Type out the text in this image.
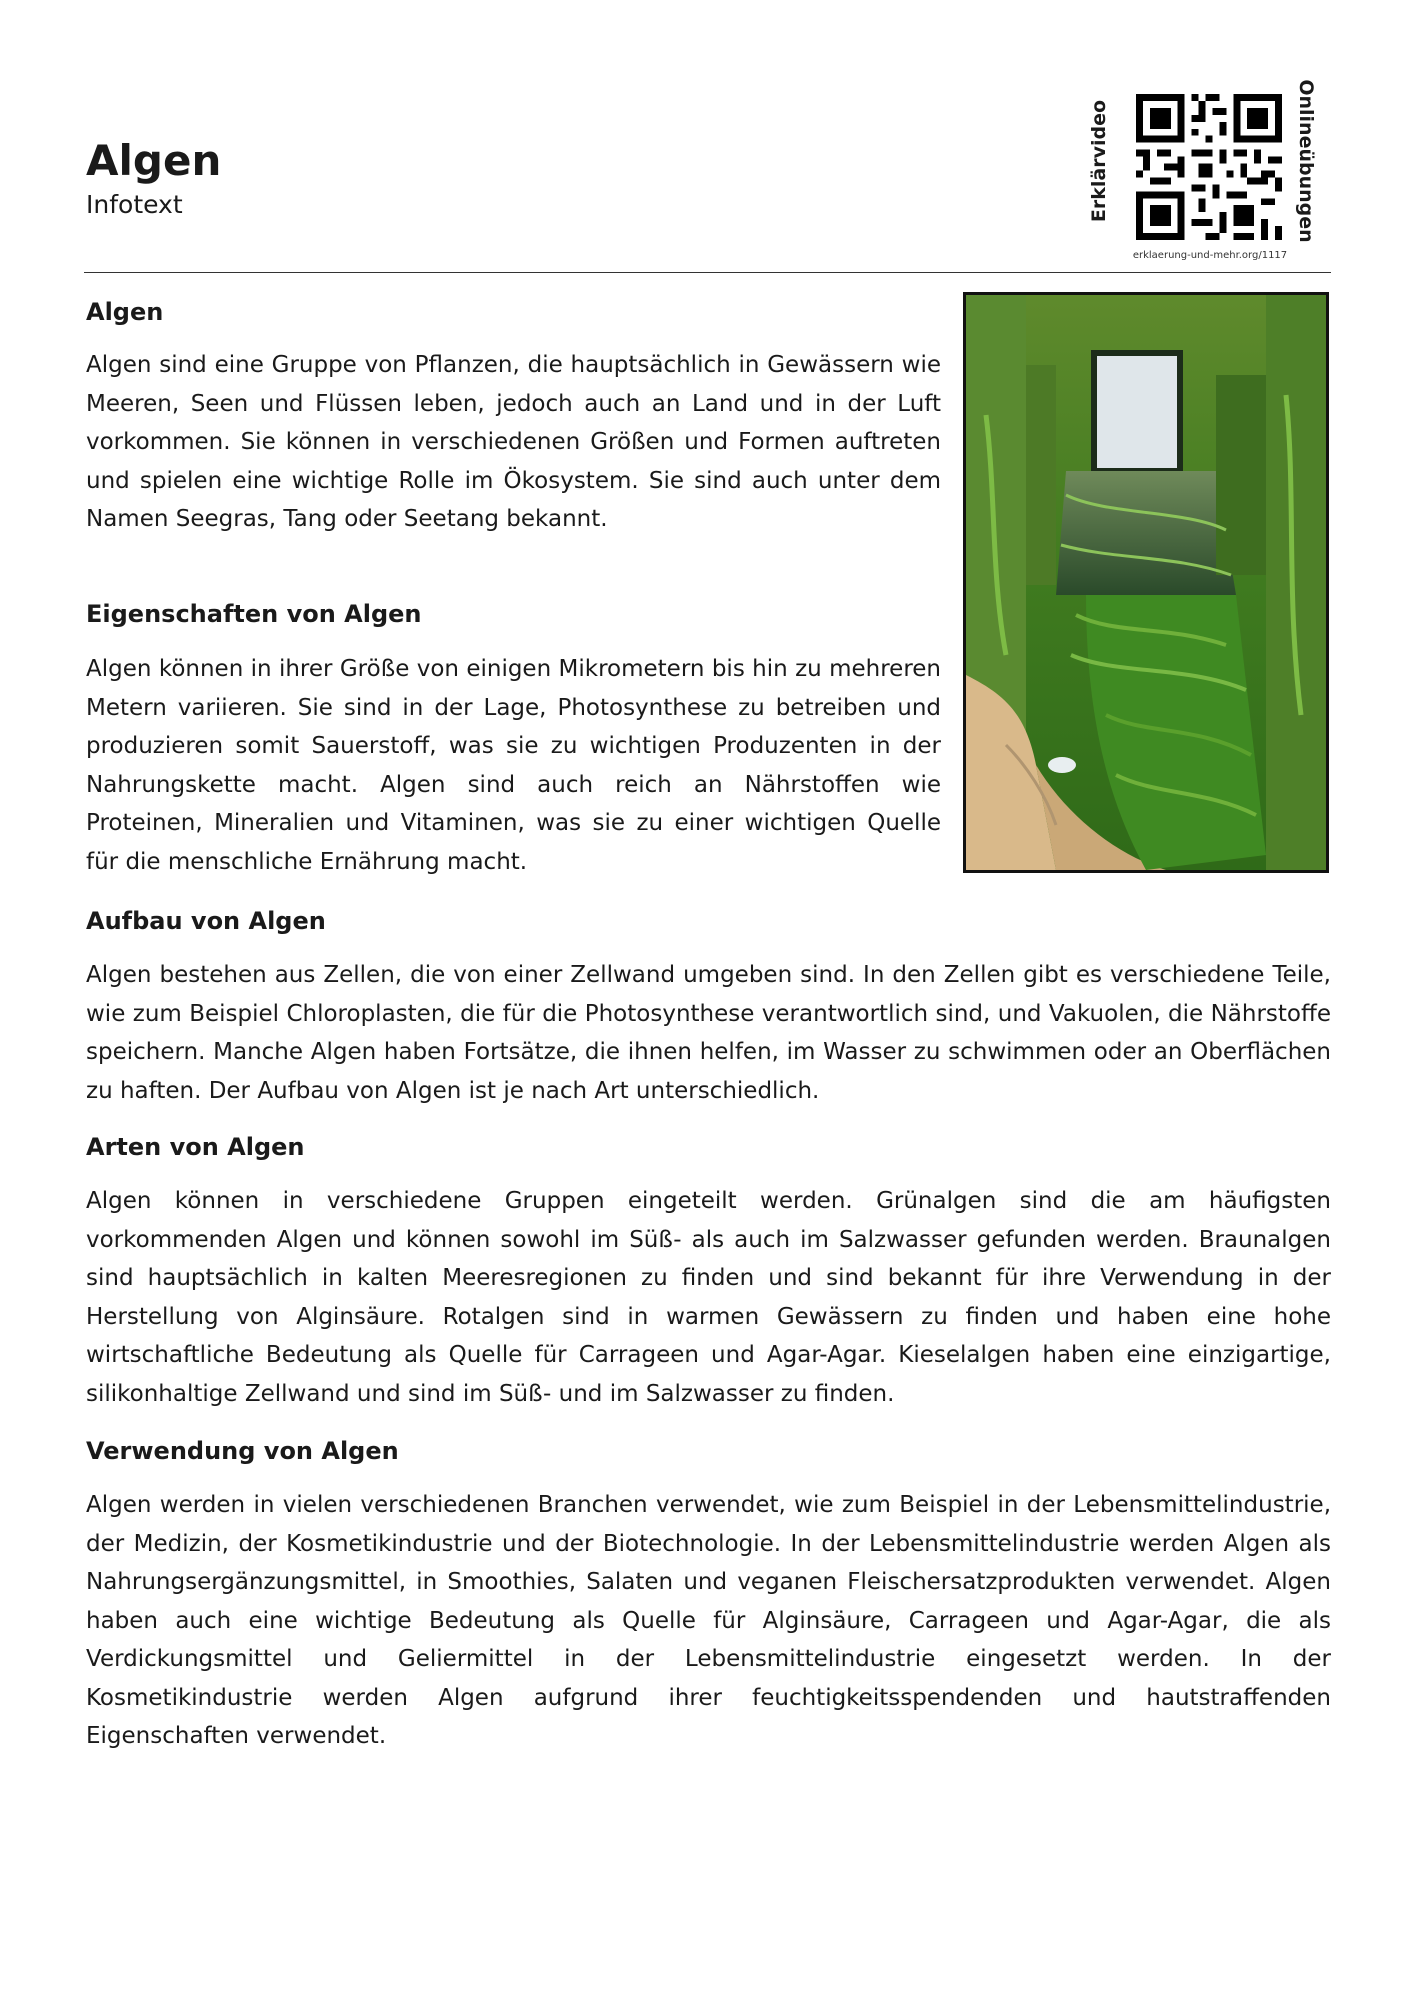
Algen
Infotext	Erklärvideo	Onlineübungen
erklaerung-und-mehr.org/1117
Algen

Algen sind eine Gruppe von Pflanzen, die hauptsächlich in Gewässern wie Meeren, Seen und Flüssen leben, jedoch auch an Land und in der Luft vorkommen. Sie können in verschiedenen Größen und Formen auftreten und spielen eine wichtige Rolle im Ökosystem. Sie sind auch unter dem Namen Seegras, Tang oder Seetang bekannt.

Eigenschaften von Algen

Algen können in ihrer Größe von einigen Mikrometern bis hin zu mehreren Metern variieren. Sie sind in der Lage, Photosynthese zu betreiben und produzieren somit Sauerstoff, was sie zu wichtigen Produzenten in der Nahrungskette macht. Algen sind auch reich an Nährstoffen wie Proteinen, Mineralien und Vitaminen, was sie zu einer wichtigen Quelle für die menschliche Ernährung macht.

Aufbau von Algen

Algen bestehen aus Zellen, die von einer Zellwand umgeben sind. In den Zellen gibt es verschiedene Teile, wie zum Beispiel Chloroplasten, die für die Photosynthese verantwortlich sind, und Vakuolen, die Nährstoffe speichern. Manche Algen haben Fortsätze, die ihnen helfen, im Wasser zu schwimmen oder an Oberflächen zu haften. Der Aufbau von Algen ist je nach Art unterschiedlich.

Arten von Algen

Algen können in verschiedene Gruppen eingeteilt werden. Grünalgen sind die am häufigsten vorkommenden Algen und können sowohl im Süß- als auch im Salzwasser gefunden werden. Braunalgen sind hauptsächlich in kalten Meeresregionen zu finden und sind bekannt für ihre Verwendung in der Herstellung von Alginsäure. Rotalgen sind in warmen Gewässern zu finden und haben eine hohe wirtschaftliche Bedeutung als Quelle für Carrageen und Agar-Agar. Kieselalgen haben eine einzigartige, silikonhaltige Zellwand und sind im Süß- und im Salzwasser zu finden.

Verwendung von Algen

Algen werden in vielen verschiedenen Branchen verwendet, wie zum Beispiel in der Lebensmittelindustrie, der Medizin, der Kosmetikindustrie und der Biotechnologie. In der Lebensmittelindustrie werden Algen als Nahrungsergänzungsmittel, in Smoothies, Salaten und veganen Fleischersatzprodukten verwendet. Algen haben auch eine wichtige Bedeutung als Quelle für Alginsäure, Carrageen und Agar-Agar, die als Verdickungsmittel und Geliermittel in der Lebensmittelindustrie eingesetzt werden. In der Kosmetikindustrie werden Algen aufgrund ihrer feuchtigkeitsspendenden und hautstraffenden Eigenschaften verwendet.
